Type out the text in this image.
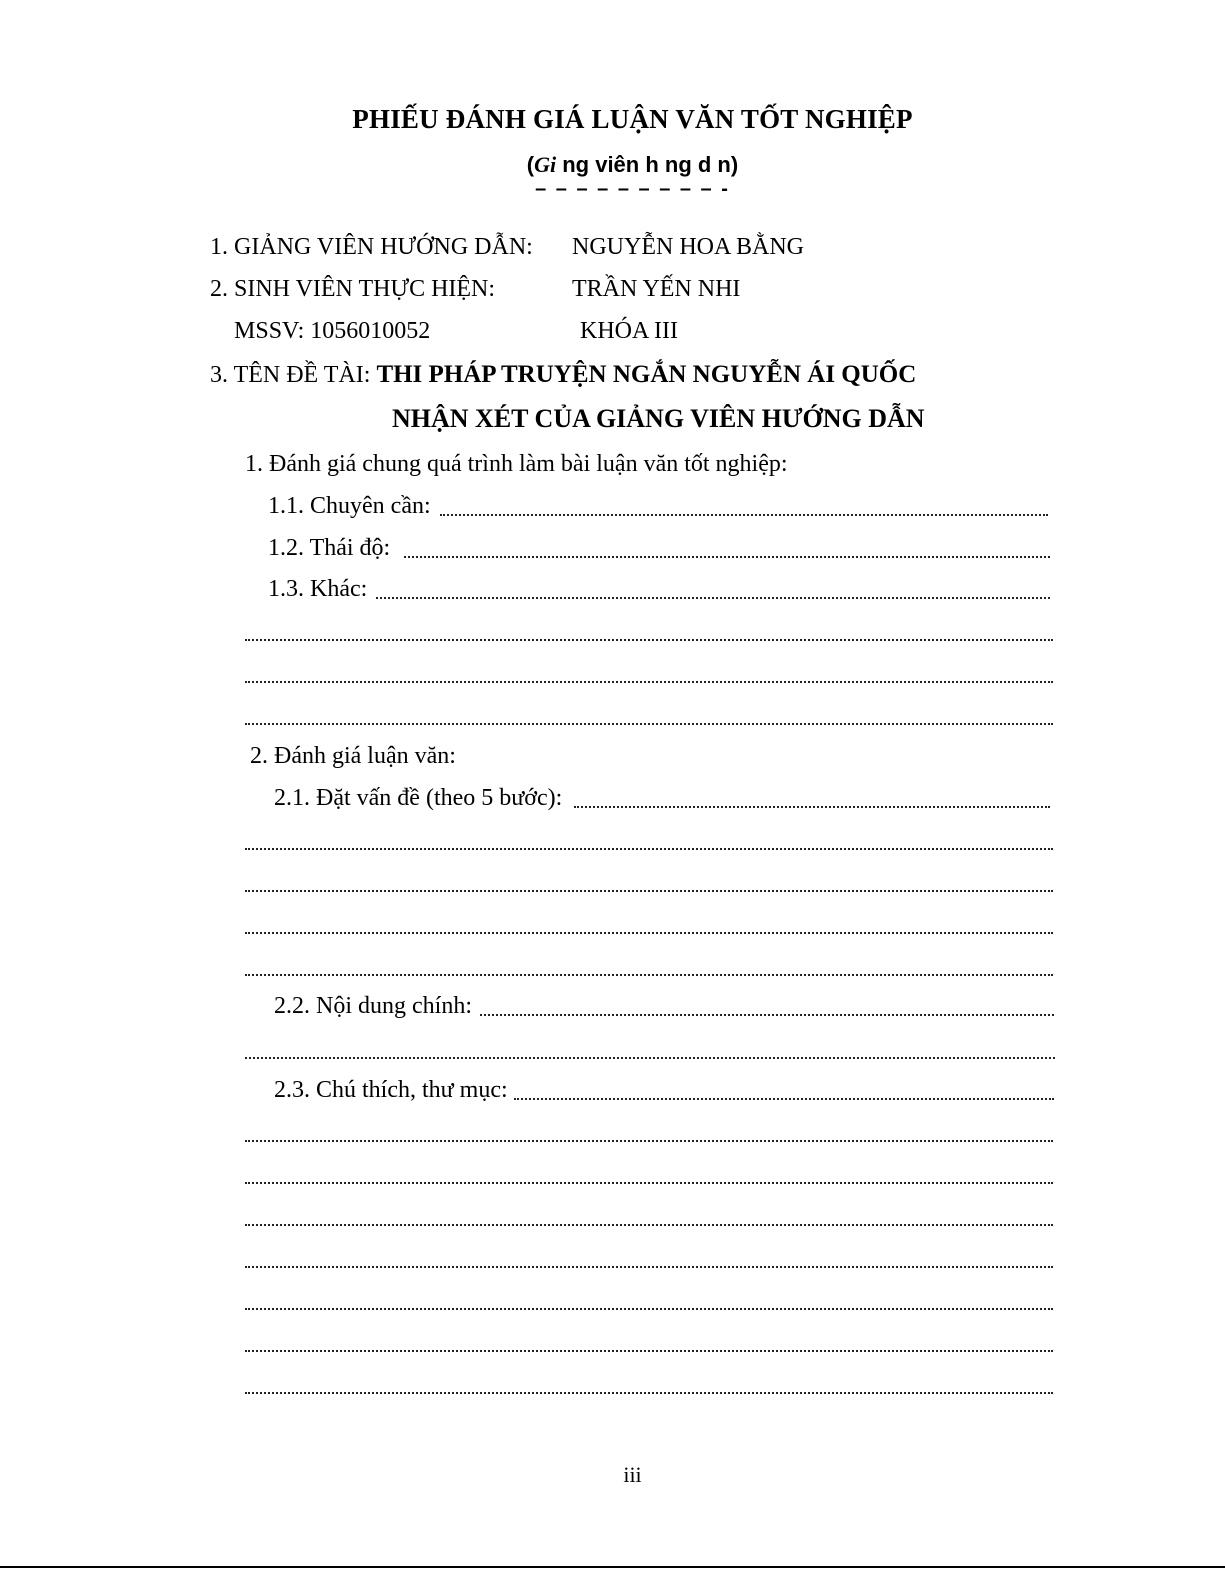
PHIẾU ĐÁNH GIÁ LUẬN VĂN TỐT NGHIỆP
(Gi ng viên h ng d n)
– – – – – – – – – -
1. GIẢNG VIÊN HƯỚNG DẪN: NGUYỄN HOA BẰNG
2. SINH VIÊN THỰC HIỆN:	TRẦN YẾN NHI
MSSV: 1056010052	KHÓA III
3. TÊN ĐỀ TÀI: THI PHÁP TRUYỆN NGẮN NGUYỄN ÁI QUỐC
NHẬN XÉT CỦA GIẢNG VIÊN HƯỚNG DẪN
1. Đánh giá chung quá trình làm bài luận văn tốt nghiệp:
1.1. Chuyên cần:
1.2. Thái độ:
1.3. Khác:
2. Đánh giá luận văn:
2.1. Đặt vấn đề (theo 5 bước):
2.2. Nội dung chính:
2.3. Chú thích, thư mục:
iii
